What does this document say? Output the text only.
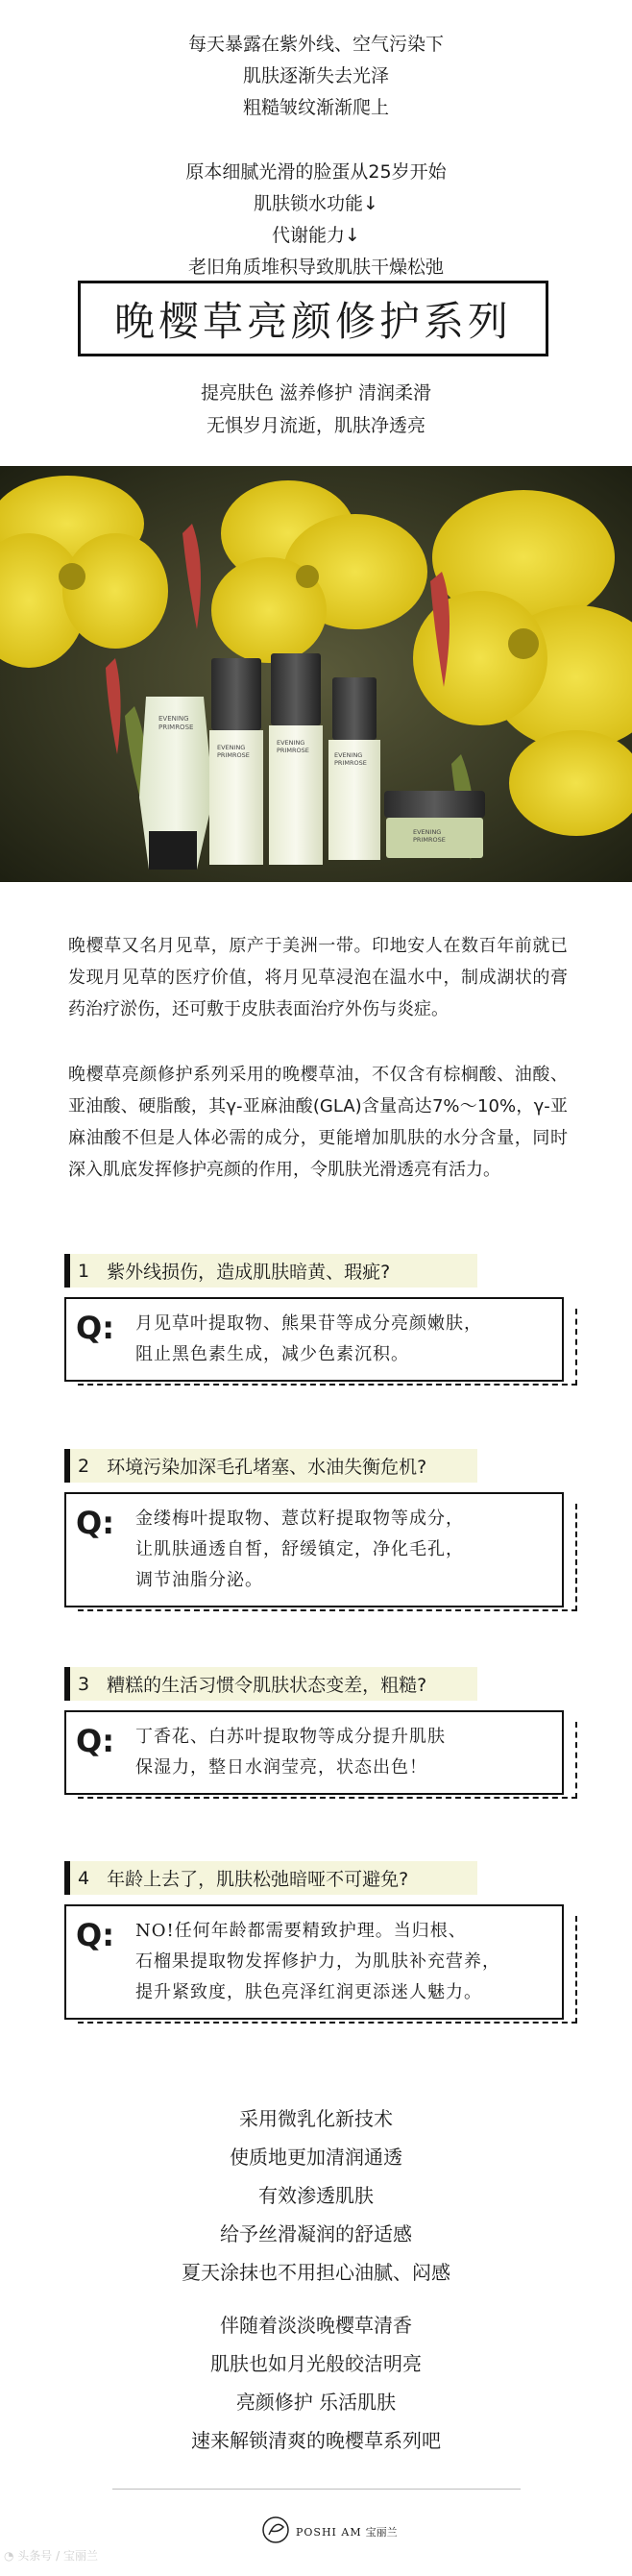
每天暴露在紫外线、空气污染下

肌肤逐渐失去光泽

粗糙皱纹渐渐爬上

原本细腻光滑的脸蛋从25岁开始

肌肤锁水功能↓

代谢能力↓

老旧角质堆积导致肌肤干燥松弛

晚樱草亮颜修护系列

提亮肤色 滋养修护 清润柔滑

无惧岁月流逝，肌肤净透亮

EVENING
PRIMROSE
EVENING
PRIMROSE
EVENING
PRIMROSE
EVENING
PRIMROSE
EVENING
PRIMROSE

晚樱草又名月见草，原产于美洲一带。印地安人在数百年前就已发现月见草的医疗价值，将月见草浸泡在温水中，制成湖状的膏药治疗淤伤，还可敷于皮肤表面治疗外伤与炎症。

晚樱草亮颜修护系列采用的晚樱草油，不仅含有棕榈酸、油酸、亚油酸、硬脂酸，其γ-亚麻油酸(GLA)含量高达7%～10%，γ-亚麻油酸不但是人体必需的成分，更能增加肌肤的水分含量，同时深入肌底发挥修护亮颜的作用，令肌肤光滑透亮有活力。

1 紫外线损伤，造成肌肤暗黄、瑕疵?
Q:	月见草叶提取物、熊果苷等成分亮颜嫩肤，
阻止黑色素生成，减少色素沉积。
2 环境污染加深毛孔堵塞、水油失衡危机?
Q:	金缕梅叶提取物、薏苡籽提取物等成分，
让肌肤通透自皙，舒缓镇定，净化毛孔，
调节油脂分泌。
3 糟糕的生活习惯令肌肤状态变差，粗糙?
Q:	丁香花、白苏叶提取物等成分提升肌肤
保湿力，整日水润莹亮，状态出色！
4 年龄上去了，肌肤松弛暗哑不可避免?
Q:	NO!任何年龄都需要精致护理。当归根、
石榴果提取物发挥修护力，为肌肤补充营养，
提升紧致度，肤色亮泽红润更添迷人魅力。

采用微乳化新技术

使质地更加清润通透

有效渗透肌肤

给予丝滑凝润的舒适感

夏天涂抹也不用担心油腻、闷感

伴随着淡淡晚樱草清香

肌肤也如月光般皎洁明亮

亮颜修护 乐活肌肤

速来解锁清爽的晚樱草系列吧

POSHI AM 宝丽兰
◔ 头条号 / 宝丽兰
